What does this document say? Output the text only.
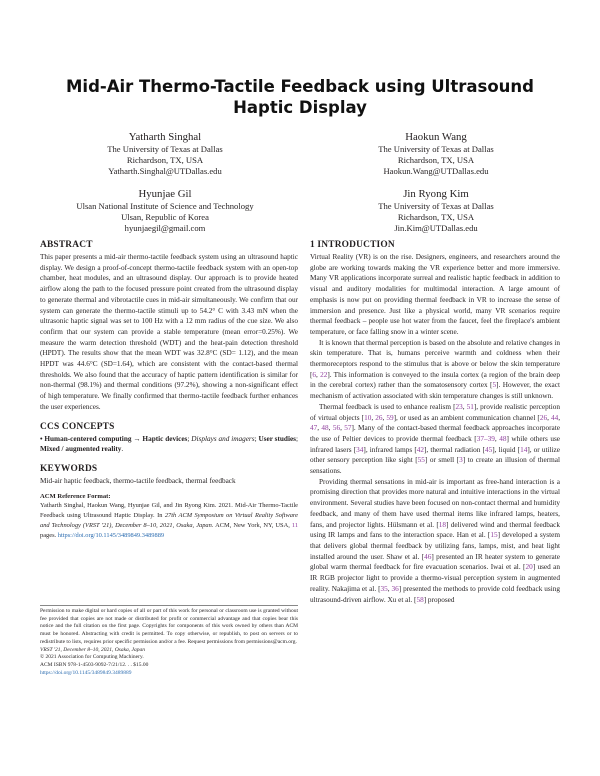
Mid-Air Thermo-Tactile Feedback using Ultrasound Haptic Display
Yatharth Singhal
The University of Texas at Dallas
Richardson, TX, USA
Yatharth.Singhal@UTDallas.edu
Haokun Wang
The University of Texas at Dallas
Richardson, TX, USA
Haokun.Wang@UTDallas.edu
Hyunjae Gil
Ulsan National Institute of Science and Technology
Ulsan, Republic of Korea
hyunjaegil@gmail.com
Jin Ryong Kim
The University of Texas at Dallas
Richardson, TX, USA
Jin.Kim@UTDallas.edu
ABSTRACT

This paper presents a mid-air thermo-tactile feedback system using an ultrasound haptic display. We design a proof-of-concept thermo-tactile feedback system with an open-top chamber, heat modules, and an ultrasound display. Our approach is to provide heated airflow along the path to the focused pressure point created from the ultrasound display to generate thermal and vibrotactile cues in mid-air simultaneously. We confirm that our system can generate the thermo-tactile stimuli up to 54.2° C with 3.43 mN when the ultrasonic haptic signal was set to 100 Hz with a 12 mm radius of the cue size. We also confirm that our system can provide a stable temperature (mean error=0.25%). We measure the warm detection threshold (WDT) and the heat-pain detection threshold (HPDT). The results show that the mean WDT was 32.8°C (SD= 1.12), and the mean HPDT was 44.6°C (SD=1.64), which are consistent with the contact-based thermal thresholds. We also found that the accuracy of haptic pattern identification is similar for non-thermal (98.1%) and thermal conditions (97.2%), showing a non-significant effect of high temperature. We finally confirmed that thermo-tactile feedback further enhances the user experiences.

CCS CONCEPTS

• Human-centered computing → Haptic devices; Displays and imagers; User studies; Mixed / augmented reality.

KEYWORDS

Mid-air haptic feedback, thermo-tactile feedback, thermal feedback

ACM Reference Format:
Yatharth Singhal, Haokun Wang, Hyunjae Gil, and Jin Ryong Kim. 2021. Mid-Air Thermo-Tactile Feedback using Ultrasound Haptic Display. In 27th ACM Symposium on Virtual Reality Software and Technology (VRST '21), December 8–10, 2021, Osaka, Japan. ACM, New York, NY, USA, 11 pages. https://doi.org/10.1145/3489849.3489889
Permission to make digital or hard copies of all or part of this work for personal or classroom use is granted without fee provided that copies are not made or distributed for profit or commercial advantage and that copies bear this notice and the full citation on the first page. Copyrights for components of this work owned by others than ACM must be honored. Abstracting with credit is permitted. To copy otherwise, or republish, to post on servers or to redistribute to lists, requires prior specific permission and/or a fee. Request permissions from permissions@acm.org.
VRST '21, December 8–10, 2021, Osaka, Japan
© 2021 Association for Computing Machinery.
ACM ISBN 978-1-4503-9092-7/21/12. . . $15.00
https://doi.org/10.1145/3489849.3489889
1 INTRODUCTION

Virtual Reality (VR) is on the rise. Designers, engineers, and researchers around the globe are working towards making the VR experience better and more immersive. Many VR applications incorporate surreal and realistic haptic feedback in addition to visual and auditory modalities for multimodal interaction. A large amount of emphasis is now put on providing thermal feedback in VR to increase the sense of immersion and presence. Just like a physical world, many VR scenarios require thermal feedback – people use hot water from the faucet, feel the fireplace's ambient temperature, or face falling snow in a winter scene.

It is known that thermal perception is based on the absolute and relative changes in skin temperature. That is, humans perceive warmth and coldness when their thermoreceptors respond to the stimulus that is above or below the skin temperature [6, 22]. This information is conveyed to the insula cortex (a region of the brain deep in the cerebral cortex) rather than the somatosensory cortex [5]. However, the exact mechanism of activation associated with skin temperature changes is still unknown.

Thermal feedback is used to enhance realism [23, 51], provide realistic perception of virtual objects [10, 26, 59], or used as an ambient communication channel [26, 44, 47, 48, 56, 57]. Many of the contact-based thermal feedback approaches incorporate the use of Peltier devices to provide thermal feedback [37–39, 48] while others use infrared lasers [34], infrared lamps [42], thermal radiation [45], liquid [14], or utilize other sensory perception like sight [55] or smell [3] to create an illusion of thermal sensations.

Providing thermal sensations in mid-air is important as free-hand interaction is a promising direction that provides more natural and intuitive interactions in the virtual environment. Several studies have been focused on non-contact thermal and humidity feedback, and many of them have used thermal items like infrared lamps, heaters, fans, and projector lights. Hülsmann et al. [18] delivered wind and thermal feedback using IR lamps and fans to the interaction space. Han et al. [15] developed a system that delivers global thermal feedback by utilizing fans, lamps, mist, and heat light installed around the user. Shaw et al. [46] presented an IR heater system to generate global warm thermal feedback for fire evacuation scenarios. Iwai et al. [20] used an IR RGB projector light to provide a thermo-visual perception system in augmented reality. Nakajima et al. [35, 36] presented the methods to provide cold feedback using ultrasound-driven airflow. Xu et al. [58] proposed
